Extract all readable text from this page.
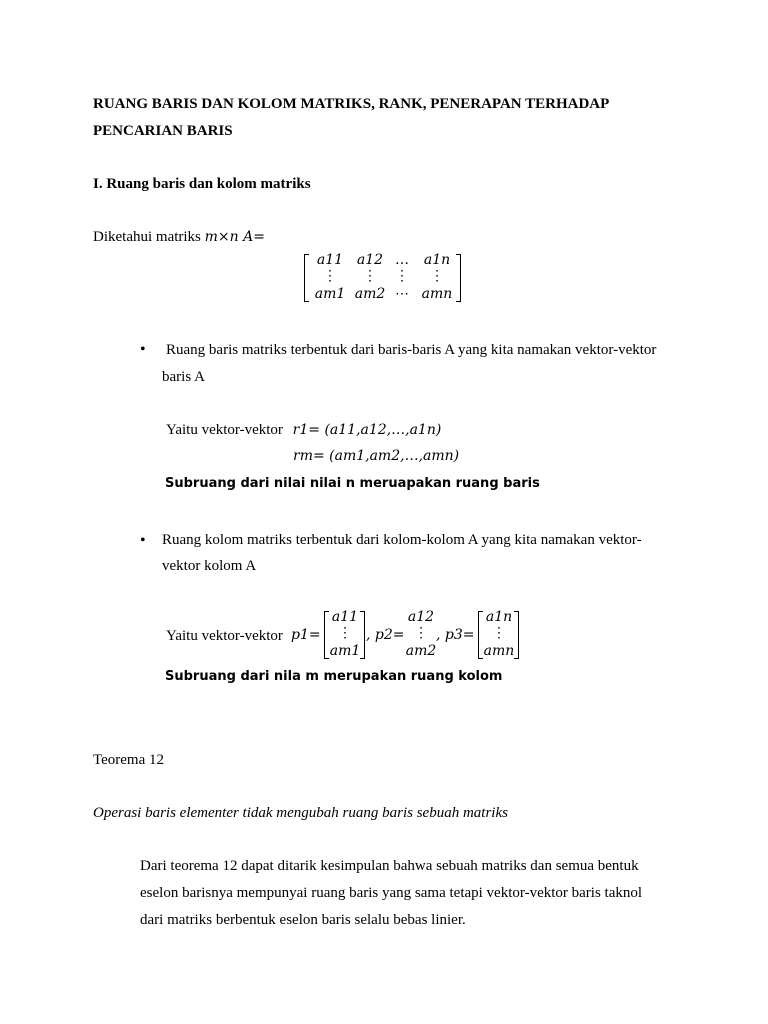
RUANG BARIS DAN KOLOM MATRIKS, RANK, PENERAPAN TERHADAP
PENCARIAN BARIS
I. Ruang baris dan kolom matriks
Diketahui matriks m×n A=
a11 a12 …	a1n
⋮	⋮	⋮	⋮
am1 am2 ⋯ amn
• Ruang baris matriks terbentuk dari baris-baris A yang kita namakan vektor-vektor
baris A
Yaitu vektor-vektor r1= (a11,a12,…,a1n)
rm= (am1,am2,…,amn)
Subruang dari nilai nilai n meruapakan ruang baris
• Ruang kolom matriks terbentuk dari kolom-kolom A yang kita namakan vektor-
vektor kolom A
Yaitu vektor-vektor p1=
a11
⋮
am1
, p2=
a12
⋮
am2
, p3=
a1n
⋮
amn
Subruang dari nila m merupakan ruang kolom
Teorema 12
Operasi baris elementer tidak mengubah ruang baris sebuah matriks
Dari teorema 12 dapat ditarik kesimpulan bahwa sebuah matriks dan semua bentuk
eselon barisnya mempunyai ruang baris yang sama tetapi vektor-vektor baris taknol
dari matriks berbentuk eselon baris selalu bebas linier.
